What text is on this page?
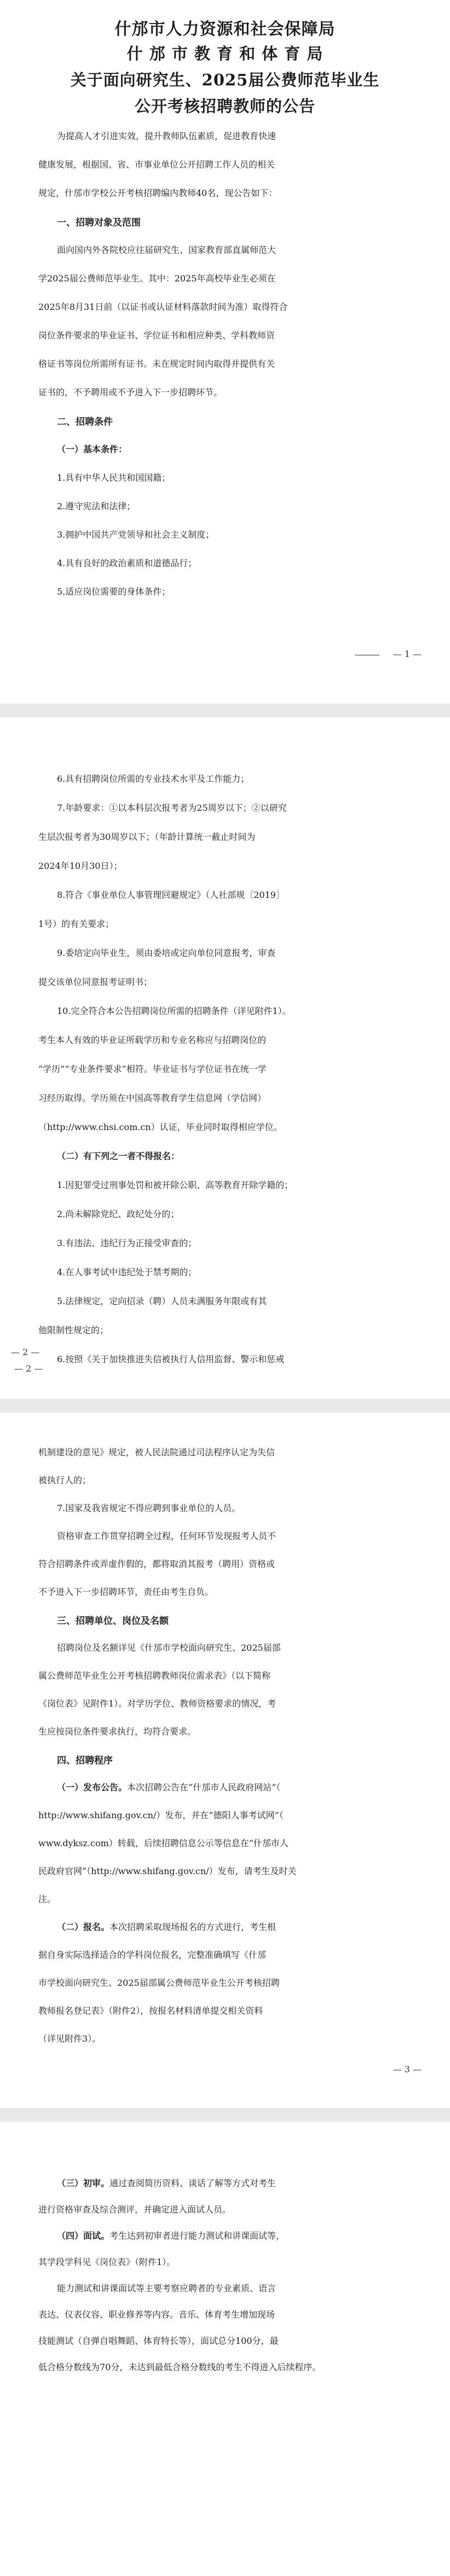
什邡市人力资源和社会保障局
什 邡 市 教 育 和 体 育 局
关于面向研究生、2025届公费师范毕业生
公开考核招聘教师的公告
为提高人才引进实效，提升教师队伍素质，促进教育快速
健康发展，根据国、省、市事业单位公开招聘工作人员的相关
规定，什邡市学校公开考核招聘编内教师40名，现公告如下：
一、招聘对象及范围
面向国内外各院校应往届研究生、国家教育部直属师范大
学2025届公费师范毕业生。其中：2025年高校毕业生必须在
2025年8月31日前（以证书或认证材料落款时间为准）取得符合
岗位条件要求的毕业证书、学位证书和相应种类、学科教师资
格证书等岗位所需所有证书。未在规定时间内取得并提供有关
证书的，不予聘用或不予进入下一步招聘环节。
二、招聘条件
（一）基本条件：
1.具有中华人民共和国国籍；
2.遵守宪法和法律；
3.拥护中国共产党领导和社会主义制度；
4.具有良好的政治素质和道德品行；
5.适应岗位需要的身体条件；
— 1 —
6.具有招聘岗位所需的专业技术水平及工作能力；
7.年龄要求：①以本科层次报考者为25周岁以下；②以研究
生层次报考者为30周岁以下；（年龄计算统一截止时间为
2024年10月30日）；
8.符合《事业单位人事管理回避规定》（人社部规〔2019〕
1号）的有关要求；
9.委培定向毕业生，须由委培或定向单位同意报考，审查
提交该单位同意报考证明书；
10.完全符合本公告招聘岗位所需的招聘条件（详见附件1）。
考生本人有效的毕业证所载学历和专业名称应与招聘岗位的
“学历”“专业条件要求”相符。毕业证书与学位证书在统一学
习经历取得。学历须在中国高等教育学生信息网（学信网）
（http://www.chsi.com.cn）认证，毕业同时取得相应学位。
（二）有下列之一者不得报名：
1.因犯罪受过刑事处罚和被开除公职、高等教育开除学籍的；
2.尚未解除党纪、政纪处分的；
3.有违法、违纪行为正接受审查的；
4.在人事考试中违纪处于禁考期的；
5.法律规定，定向招录（聘）人员未满服务年限或有其
他限制性规定的；
6.按照《关于加快推进失信被执行人信用监督、警示和惩戒
— 2 —
— 2 —
机制建设的意见》规定，被人民法院通过司法程序认定为失信
被执行人的；
7.国家及我省规定不得应聘到事业单位的人员。
资格审查工作贯穿招聘全过程，任何环节发现报考人员不
符合招聘条件或弄虚作假的，都将取消其报考（聘用）资格或
不予进入下一步招聘环节，责任由考生自负。
三、招聘单位、岗位及名额
招聘岗位及名额详见《什邡市学校面向研究生、2025届部
属公费师范毕业生公开考核招聘教师岗位需求表》（以下简称
《岗位表》见附件1）。对学历学位、教师资格要求的情况，考
生应按岗位条件要求执行，均符合要求。
四、招聘程序
（一）发布公告。本次招聘公告在“什邡市人民政府网站”（
http://www.shifang.gov.cn/）发布，并在“德阳人事考试网”（
www.dyksz.com）转载，后续招聘信息公示等信息在“什邡市人
民政府官网”（http://www.shifang.gov.cn/）发布，请考生及时关
注。
（二）报名。本次招聘采取现场报名的方式进行，考生根
据自身实际选择适合的学科岗位报名，完整准确填写《什邡
市学校面向研究生、2025届部属公费师范毕业生公开考核招聘
教师报名登记表》（附件2），按报名材料清单提交相关资料
（详见附件3）。
— 3 —
（三）初审。通过查阅简历资料、谈话了解等方式对考生
进行资格审查及综合测评，并确定进入面试人员。
（四）面试。考生达到初审者进行能力测试和讲课面试等，
其学段学科见《岗位表》（附件1）。
能力测试和讲课面试等主要考察应聘者的专业素质、语言
表达、仪表仪容、职业修养等内容。音乐、体育考生增加现场
技能测试（自弹自唱舞蹈、体育特长等），面试总分100分，最
低合格分数线为70分，未达到最低合格分数线的考生不得进入后续程序。
